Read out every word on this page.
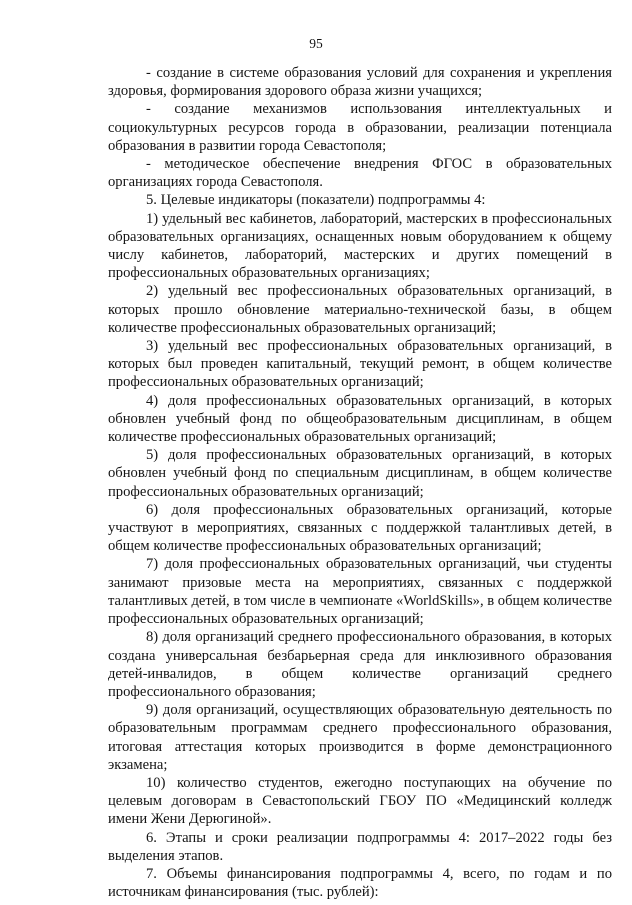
95

- создание в системе образования условий для сохранения и укрепления здоровья, формирования здорового образа жизни учащихся;

- создание механизмов использования интеллектуальных и социокультурных ресурсов города в образовании, реализации потенциала образования в развитии города Севастополя;

- методическое обеспечение внедрения ФГОС в образовательных организациях города Севастополя.

5. Целевые индикаторы (показатели) подпрограммы 4:

1) удельный вес кабинетов, лабораторий, мастерских в профессиональных образовательных организациях, оснащенных новым оборудованием к общему числу кабинетов, лабораторий, мастерских и других помещений в профессиональных образовательных организациях;

2) удельный вес профессиональных образовательных организаций, в которых прошло обновление материально-технической базы, в общем количестве профессиональных образовательных организаций;

3) удельный вес профессиональных образовательных организаций, в которых был проведен капитальный, текущий ремонт, в общем количестве профессиональных образовательных организаций;

4) доля профессиональных образовательных организаций, в которых обновлен учебный фонд по общеобразовательным дисциплинам, в общем количестве профессиональных образовательных организаций;

5) доля профессиональных образовательных организаций, в которых обновлен учебный фонд по специальным дисциплинам, в общем количестве профессиональных образовательных организаций;

6) доля профессиональных образовательных организаций, которые участвуют в мероприятиях, связанных с поддержкой талантливых детей, в общем количестве профессиональных образовательных организаций;

7) доля профессиональных образовательных организаций, чьи студенты занимают призовые места на мероприятиях, связанных с поддержкой талантливых детей, в том числе в чемпионате «WorldSkills», в общем количестве профессиональных образовательных организаций;

8) доля организаций среднего профессионального образования, в которых создана универсальная безбарьерная среда для инклюзивного образования детей-инвалидов, в общем количестве организаций среднего профессионального образования;

9) доля организаций, осуществляющих образовательную деятельность по образовательным программам среднего профессионального образования, итоговая аттестация которых производится в форме демонстрационного экзамена;

10) количество студентов, ежегодно поступающих на обучение по целевым договорам в Севастопольский ГБОУ ПО «Медицинский колледж имени Жени Дерюгиной».

6. Этапы и сроки реализации подпрограммы 4: 2017–2022 годы без выделения этапов.

7. Объемы финансирования подпрограммы 4, всего, по годам и по источникам финансирования (тыс. рублей):
